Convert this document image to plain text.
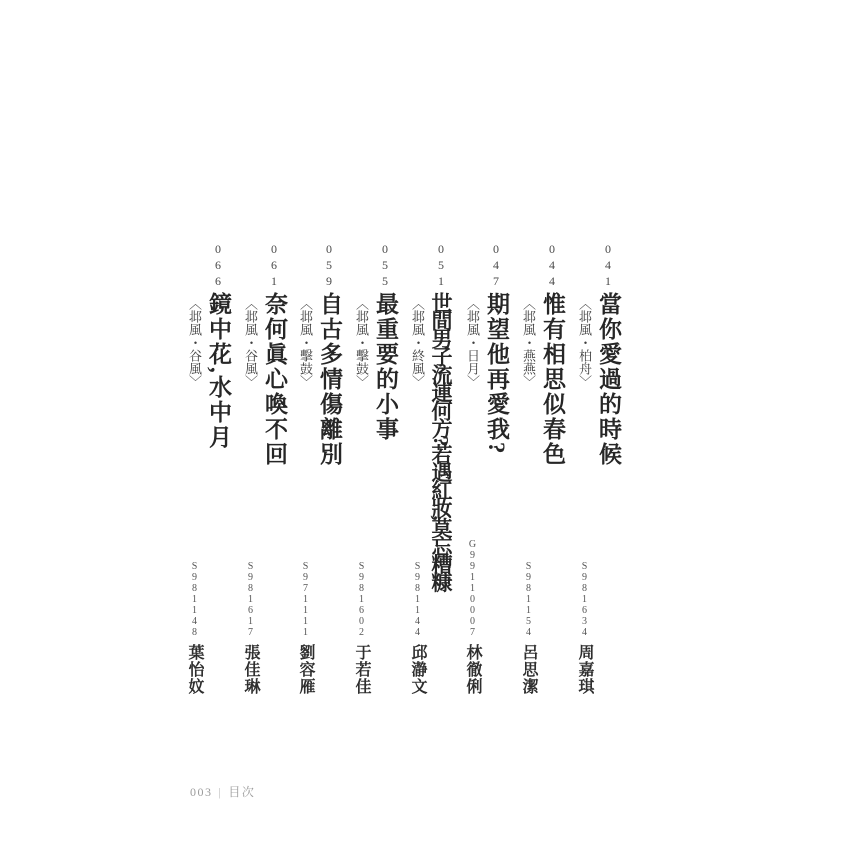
041
當你愛過的時候
〈邶風・柏舟〉
S981634周嘉琪
044
惟有相思似春色
〈邶風・燕燕〉
S981154呂思潔
047
期望他再愛我?
〈邶風・日月〉
G99110007林徹俐
051
世間男子流連何方?若遇紅妝,莫忘糟糠
〈邶風・終風〉
S981144邱瀞文
055
最重要的小事
〈邶風・擊鼓〉
S981602于若佳
059
自古多情傷離別
〈邶風・擊鼓〉
S971111劉容雁
061
奈何眞心喚不回
〈邶風・谷風〉
S981617張佳琳
066
鏡中花,水中月
〈邶風・谷風〉
S981148葉怡妏
003 | 目次
